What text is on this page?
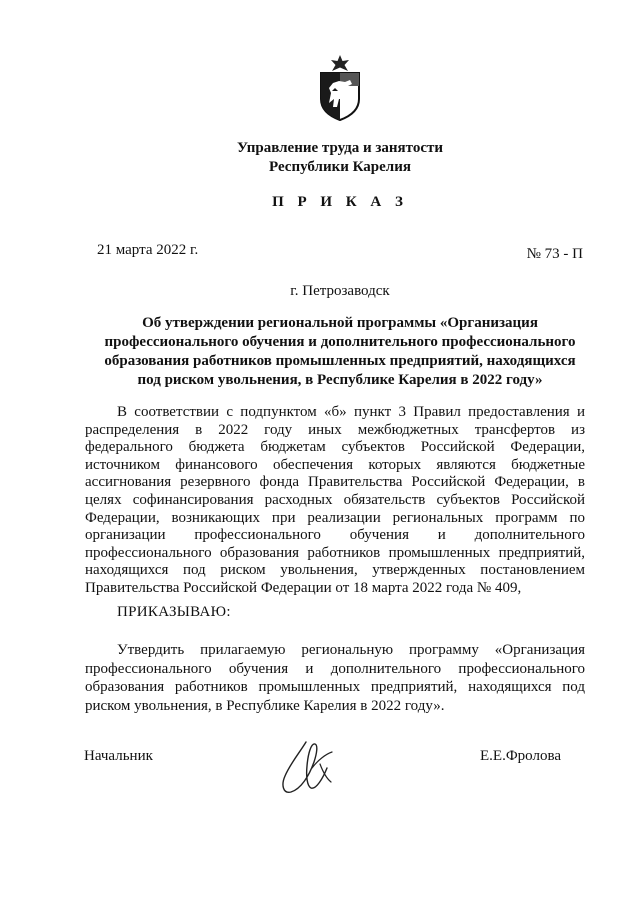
Управление труда и занятости
Республики Карелия
П Р И К А З
21 марта 2022 г.	№ 73 - П
г. Петрозаводск
Об утверждении региональной программы «Организация
профессионального обучения и дополнительного профессионального
образования работников промышленных предприятий, находящихся
под риском увольнения, в Республике Карелия в 2022 году»

В соответствии с подпунктом «б» пункт 3 Правил предоставления и распределения в 2022 году иных межбюджетных трансфертов из федерального бюджета бюджетам субъектов Российской Федерации, источником финансового обеспечения которых являются бюджетные ассигнования резервного фонда Правительства Российской Федерации, в целях софинансирования расходных обязательств субъектов Российской Федерации, возникающих при реализации региональных программ по организации профессионального обучения и дополнительного профессионального образования работников промышленных предприятий, находящихся под риском увольнения, утвержденных постановлением Правительства Российской Федерации от 18 марта 2022 года № 409,

ПРИКАЗЫВАЮ:

Утвердить прилагаемую региональную программу «Организация профессионального обучения и дополнительного профессионального образования работников промышленных предприятий, находящихся под риском увольнения, в Республике Карелия в 2022 году».

Начальник	Е.Е.Фролова
